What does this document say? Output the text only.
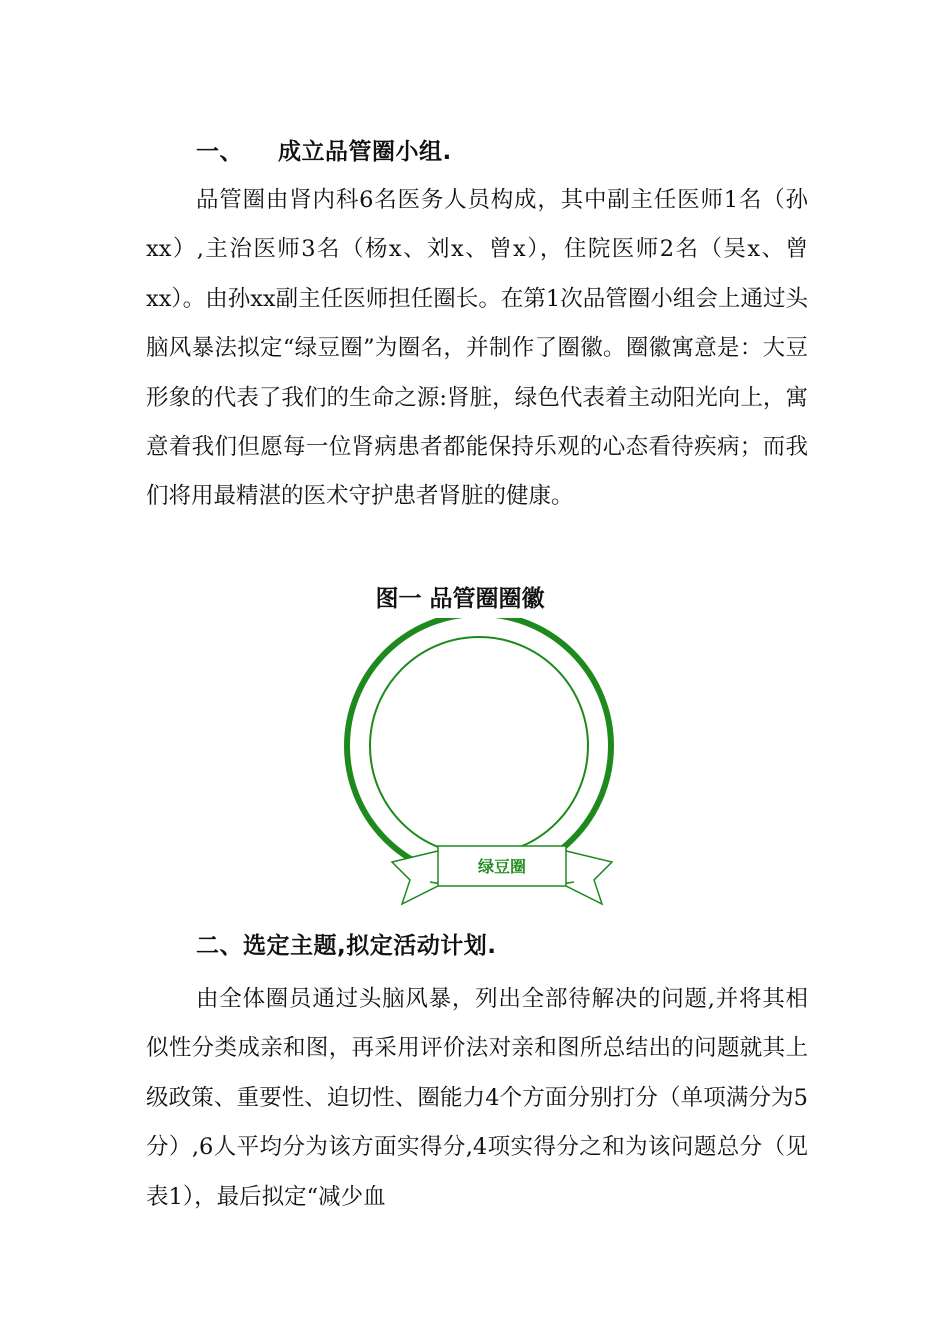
一、 成立品管圈小组.

品管圈由肾内科6名医务人员构成，其中副主任医师1名（孙xx）,主治医师3名（杨x、刘x、曾x），住院医师2名（吴x、曾xx）。由孙xx副主任医师担任圈长。在第1次品管圈小组会上通过头脑风暴法拟定“绿豆圈”为圈名，并制作了圈徽。圈徽寓意是：大豆形象的代表了我们的生命之源:肾脏，绿色代表着主动阳光向上，寓意着我们但愿每一位肾病患者都能保持乐观的心态看待疾病；而我们将用最精湛的医术守护患者肾脏的健康。

图一 品管圈圈徽
绿豆圈
二、选定主题,拟定活动计划.

由全体圈员通过头脑风暴，列出全部待解决的问题,并将其相似性分类成亲和图，再采用评价法对亲和图所总结出的问题就其上级政策、重要性、迫切性、圈能力4个方面分别打分（单项满分为5分）,6人平均分为该方面实得分,4项实得分之和为该问题总分（见表1），最后拟定“减少血
